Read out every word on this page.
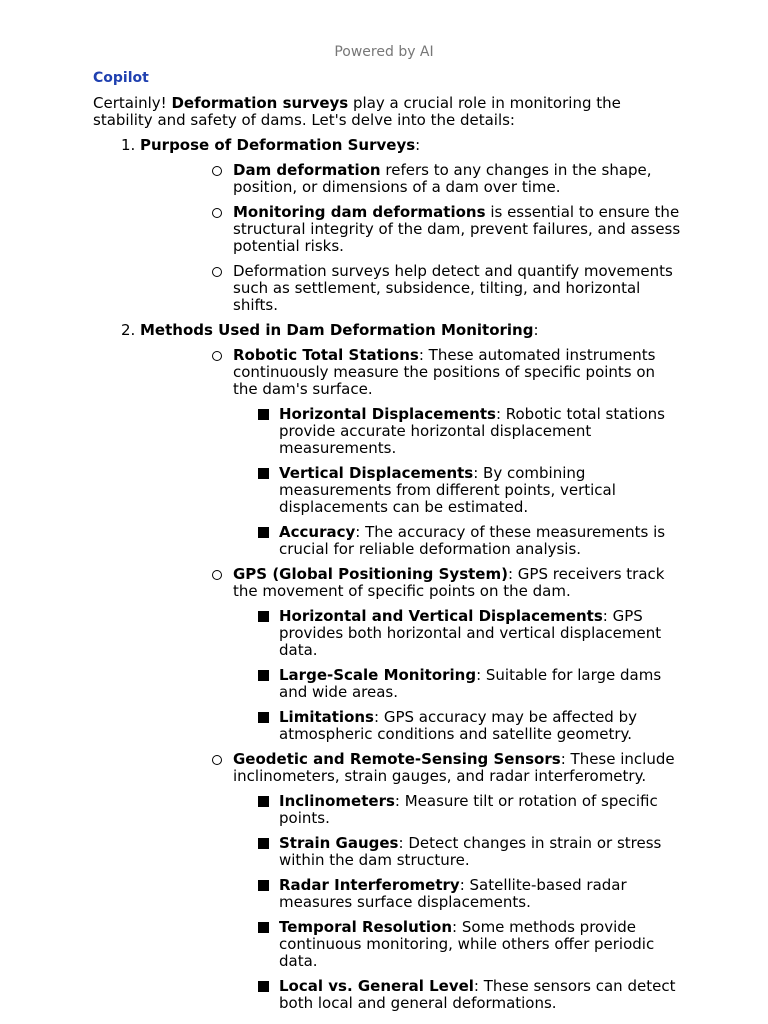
Powered by AI
Copilot

Certainly! Deformation surveys play a crucial role in monitoring the stability and safety of dams. Let's delve into the details:

1. Purpose of Deformation Surveys:
Dam deformation refers to any changes in the shape, position, or dimensions of a dam over time.
Monitoring dam deformations is essential to ensure the structural integrity of the dam, prevent failures, and assess potential risks.
Deformation surveys help detect and quantify movements such as settlement, subsidence, tilting, and horizontal shifts.
2. Methods Used in Dam Deformation Monitoring:
Robotic Total Stations: These automated instruments continuously measure the positions of specific points on the dam's surface.
Horizontal Displacements: Robotic total stations provide accurate horizontal displacement measurements.
Vertical Displacements: By combining measurements from different points, vertical displacements can be estimated.
Accuracy: The accuracy of these measurements is crucial for reliable deformation analysis.
GPS (Global Positioning System): GPS receivers track the movement of specific points on the dam.
Horizontal and Vertical Displacements: GPS provides both horizontal and vertical displacement data.
Large-Scale Monitoring: Suitable for large dams and wide areas.
Limitations: GPS accuracy may be affected by atmospheric conditions and satellite geometry.
Geodetic and Remote-Sensing Sensors: These include inclinometers, strain gauges, and radar interferometry.
Inclinometers: Measure tilt or rotation of specific points.
Strain Gauges: Detect changes in strain or stress within the dam structure.
Radar Interferometry: Satellite-based radar measures surface displacements.
Temporal Resolution: Some methods provide continuous monitoring, while others offer periodic data.
Local vs. General Level: These sensors can detect both local and general deformations.
